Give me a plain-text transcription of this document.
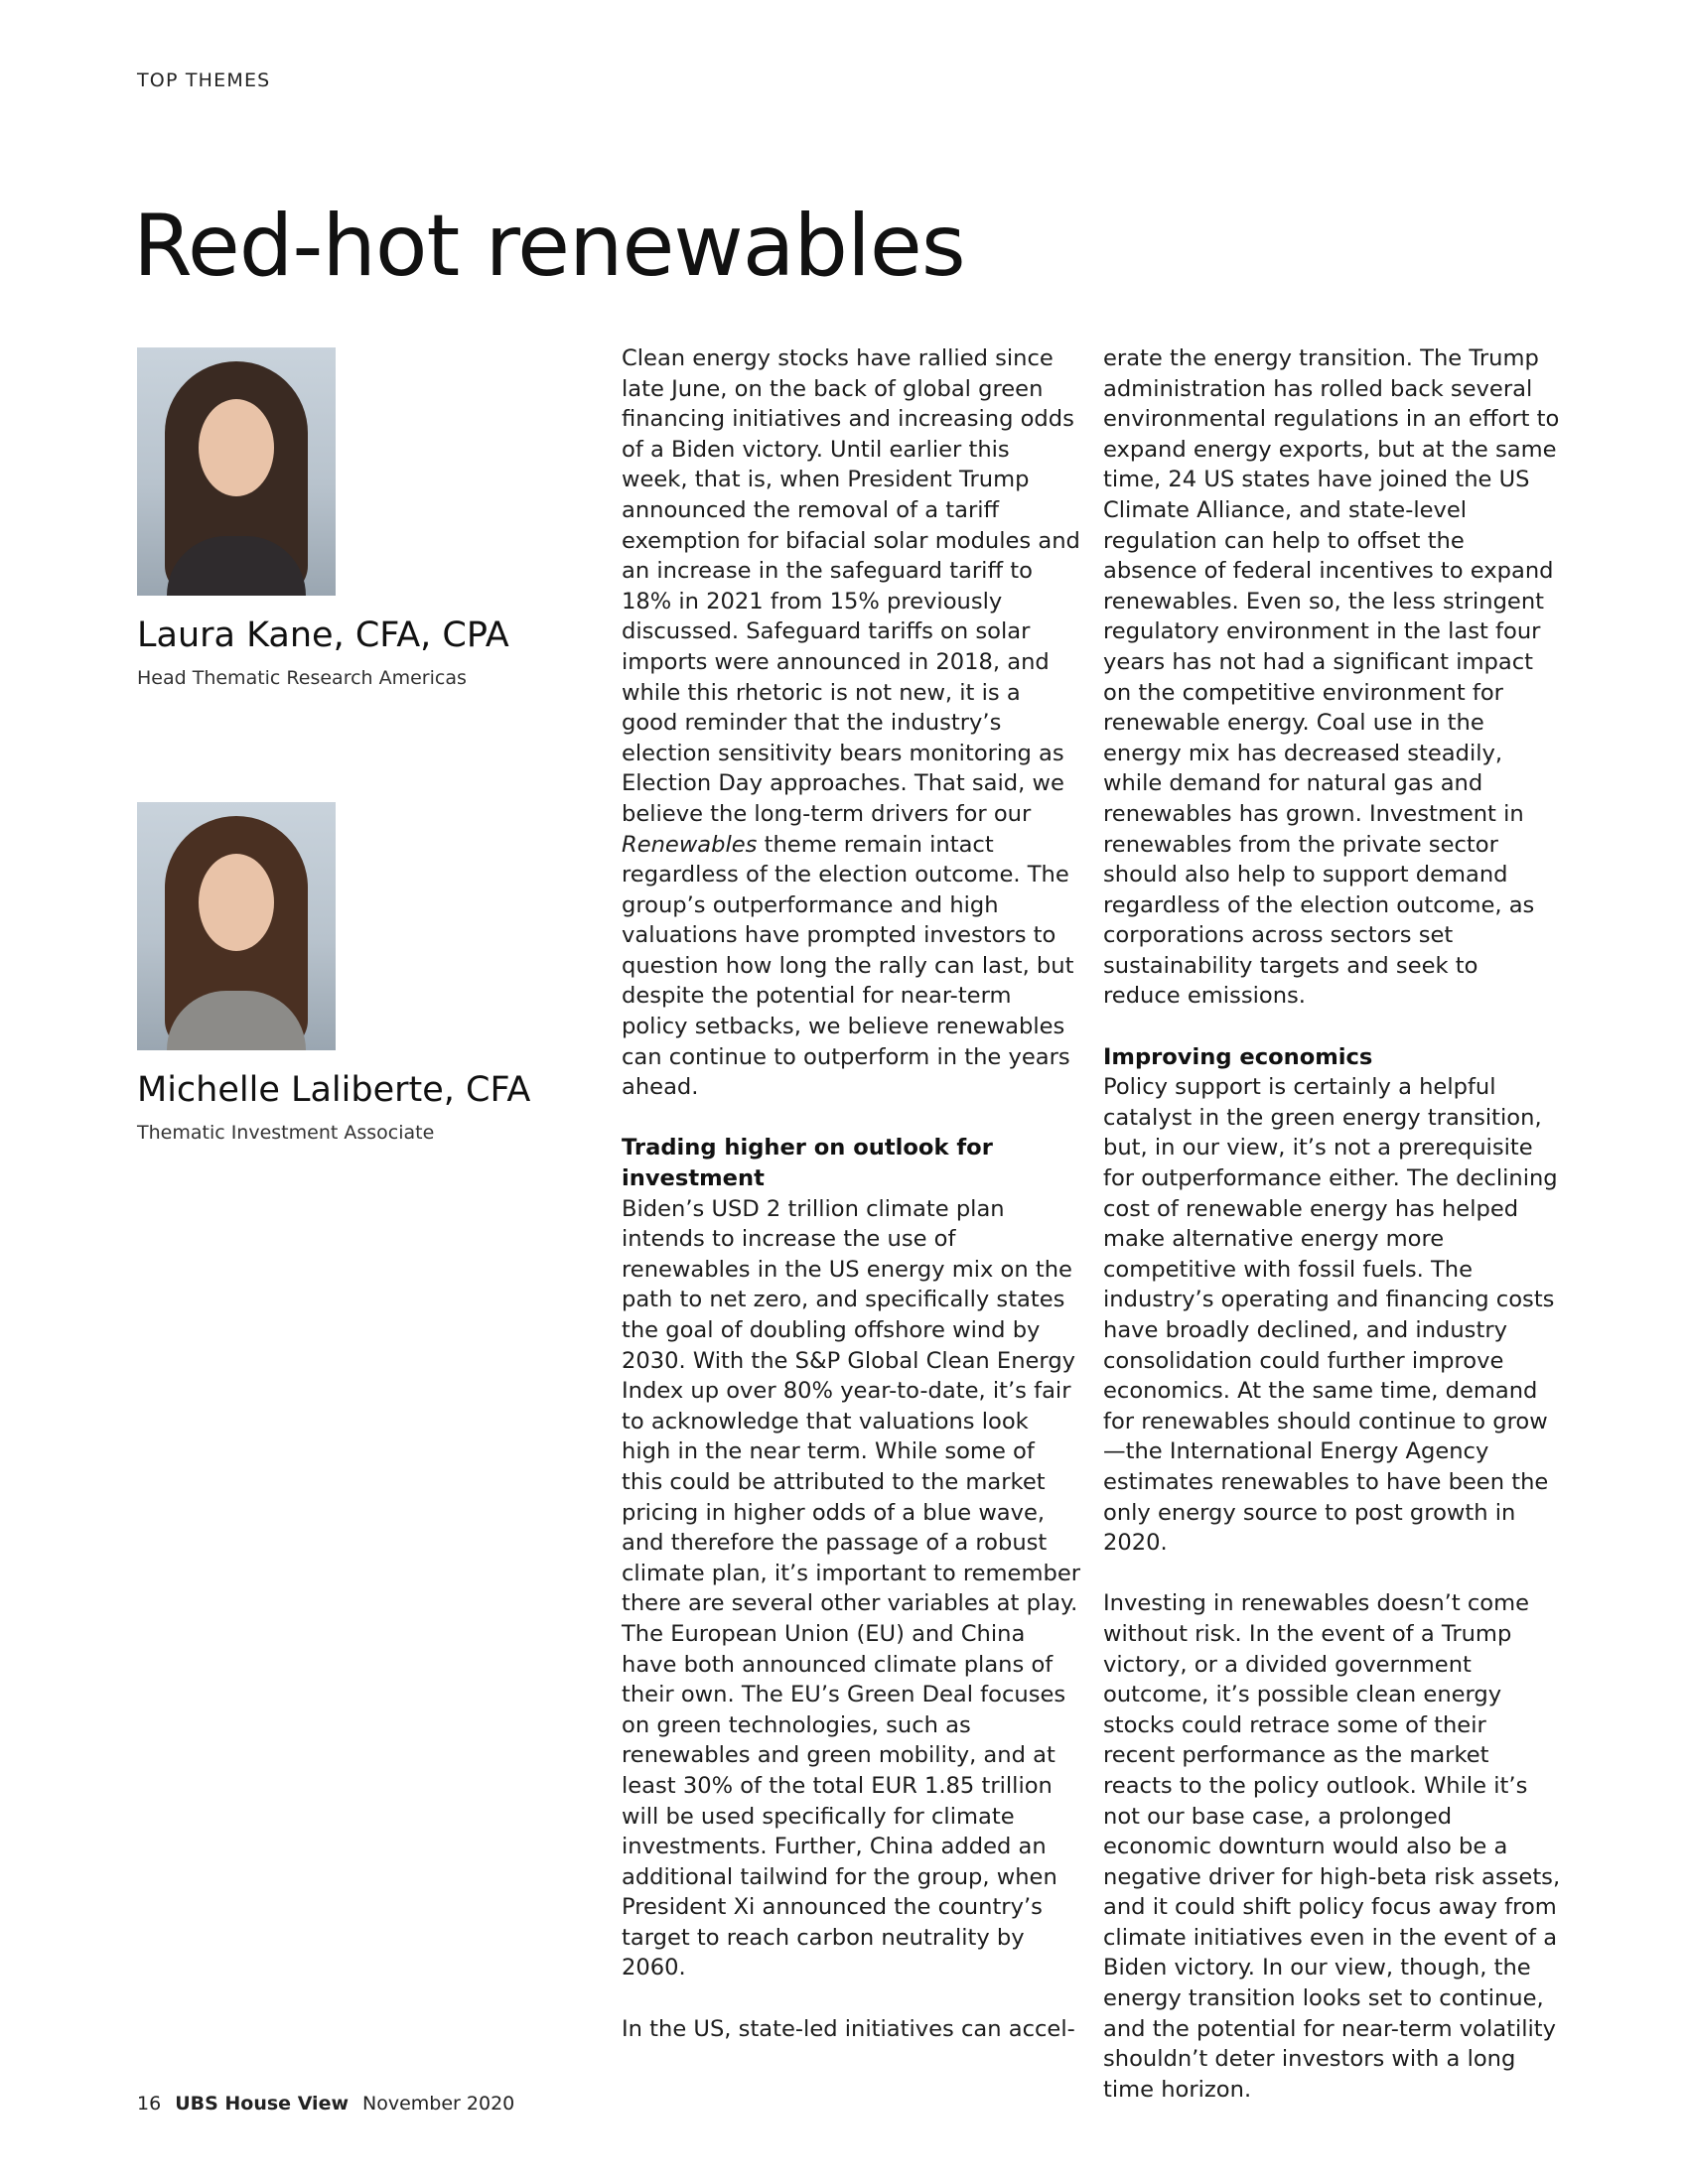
TOP THEMES
Red-hot renewables
Laura Kane, CFA, CPA
Head Thematic Research Americas
Michelle Laliberte, CFA
Thematic Investment Associate

Clean energy stocks have rallied since late June, on the back of global green financing initiatives and increasing odds of a Biden victory. Until earlier this week, that is, when President Trump announced the removal of a tariff exemption for bifacial solar modules and an increase in the safeguard tariff to 18% in 2021 from 15% previously discussed. Safeguard tariffs on solar imports were announced in 2018, and while this rhetoric is not new, it is a good reminder that the industry’s election sensitivity bears monitoring as Election Day approaches. That said, we believe the long-term drivers for our Renewables theme remain intact regardless of the election outcome. The group’s outperformance and high valuations have prompted investors to question how long the rally can last, but despite the potential for near-term policy setbacks, we believe renewables can continue to outperform in the years ahead.

Trading higher on outlook for investment

Biden’s USD 2 trillion climate plan intends to increase the use of renewables in the US energy mix on the path to net zero, and specifically states the goal of doubling offshore wind by 2030. With the S&P Global Clean Energy Index up over 80% year-to-date, it’s fair to acknowledge that valuations look high in the near term. While some of this could be attributed to the market pricing in higher odds of a blue wave, and therefore the passage of a robust climate plan, it’s important to remember there are several other variables at play. The European Union (EU) and China have both announced climate plans of their own. The EU’s Green Deal focuses on green technologies, such as renewables and green mobility, and at least 30% of the total EUR 1.85 trillion will be used specifically for climate investments. Further, China added an additional tailwind for the group, when President Xi announced the country’s target to reach carbon neutrality by 2060.

In the US, state-led initiatives can accel-

erate the energy transition. The Trump administration has rolled back several environmental regulations in an effort to expand energy exports, but at the same time, 24 US states have joined the US Climate Alliance, and state-level regulation can help to offset the absence of federal incentives to expand renewables. Even so, the less stringent regulatory environment in the last four years has not had a significant impact on the competitive environment for renewable energy. Coal use in the energy mix has decreased steadily, while demand for natural gas and renewables has grown. Investment in renewables from the private sector should also help to support demand regardless of the election outcome, as corporations across sectors set sustainability targets and seek to reduce emissions.

Improving economics

Policy support is certainly a helpful catalyst in the green energy transition, but, in our view, it’s not a prerequisite for outperformance either. The declining cost of renewable energy has helped make alternative energy more competitive with fossil fuels. The industry’s operating and financing costs have broadly declined, and industry consolidation could further improve economics. At the same time, demand for renewables should continue to grow—the International Energy Agency estimates renewables to have been the only energy source to post growth in 2020.

Investing in renewables doesn’t come without risk. In the event of a Trump victory, or a divided government outcome, it’s possible clean energy stocks could retrace some of their recent performance as the market reacts to the policy outlook. While it’s not our base case, a prolonged economic downturn would also be a negative driver for high-beta risk assets, and it could shift policy focus away from climate initiatives even in the event of a Biden victory. In our view, though, the energy transition looks set to continue, and the potential for near-term volatility shouldn’t deter investors with a long time horizon.

16 UBS House View November 2020
